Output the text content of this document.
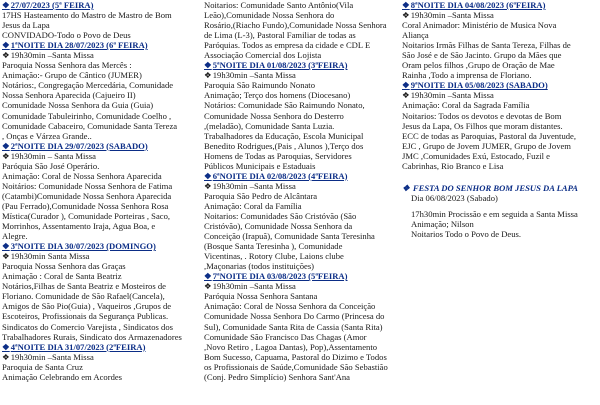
❖27/07/2023 (5ª FEIRA)
17HS Hasteamento do Mastro de Mastro de Bom
Jesus da Lapa
CONVIDADO-Todo o Povo de Deus
❖1ªNOITE DIA 28/07/2023 (6ª FEIRA)
❖19h30min –Santa Missa
Paroquia Nossa Senhora das Mercês :
Animação:- Grupo de Cântico (JUMER)
Notários:, Congregação Mercedária, Comunidade
Nossa Senhora Aparecida (Cajueiro II)
Comunidade Nossa Senhora da Guia (Guia)
Comunidade Tabuleirinho, Comunidade Coelho ,
Comunidade Cabaceiro, Comunidade Santa Tereza
, Onças e Várzea Grande..
❖2ªNOITE DIA 29/07/2023 (SABADO)
❖19h30min – Santa Missa
Paróquia São José Operário.
Animação: Coral de Nossa Senhora Aparecida
Noitários: Comunidade Nossa Senhora de Fatima
(Catambi)Comunidade Nossa Senhora Aparecida
(Pau Ferrado),Comunidade Nossa Senhora Rosa
Mística(Curador ), Comunidade Porteiras , Saco,
Morrinhos, Assentamento Iraja, Agua Boa, e
Alegre.
❖3ªNOITE DIA 30/07/2023 (DOMINGO)
❖19h30min Santa Missa
Paroquia Nossa Senhora das Graças
Animação : Coral de Santa Beatriz
Notários,Filhas de Santa Beatriz e Mosteiros de
Floriano. Comunidade de São Rafael(Cancela),
Amigos de São Pio(Guia) , Vaqueiros ,Grupos de
Escoteiros, Profissionais da Segurança Publicas.
Sindicatos do Comercio Varejista , Sindicatos dos
Trabalhadores Rurais, Sindicato dos Armazenadores
❖4ªNOITE DIA 31/07/2023 (2ªFEIRA)
❖19h30min –Santa Missa
Paroquia de Santa Cruz
Animação Celebrando em Acordes
Noitarios: Comunidade Santo Antônio(Vila
Leão),Comunidade Nossa Senhora do
Rosário,(Riacho Fundo),Comunidade Nossa Senhora
de Lima (L-3), Pastoral Familiar de todas as
Paróquias. Todos as empresa da cidade e CDL E
Associação Comercial dos Lojista
❖5ªNOITE DIA 01/08/2023 (3ªFEIRA)
❖19h30min –Santa Missa
Paroquia São Raimundo Nonato
Animação; Terço dos homens (Diocesano)
Notários: Comunidade São Raimundo Nonato,
Comunidade Nossa Senhora do Desterro
,(meladão), Comunidade Santa Luzia.
Trabalhadores da Educação, Escola Municipal
Benedito Rodrigues,(Pais , Alunos ),Terço dos
Homens de Todas as Paroquias, Servidores
Públicos Municipais e Estaduais
❖6ªNOITE DIA 02/08/2023 (4ªFEIRA)
❖19h30min –Santa Missa
Paroquia São Pedro de Alcântara
Animação: Coral da Família
Noitarios: Comunidades São Cristóvão (São
Cristóvão), Comunidade Nossa Senhora da
Conceição (Irapuã), Comunidade Santa Teresinha
(Bosque Santa Teresinha ), Comunidade
Vicentinas, . Rotory Clube, Laions clube
,Maçonarias (todos instituições)
❖7ªNOITE DIA 03/08/2023 (5ªFEIRA)
❖19h30min –Santa Missa
Paróquia Nossa Senhora Santana
Animação: Coral de Nossa Senhora da Conceição
Comunidade Nossa Senhora Do Carmo (Princesa do
Sul), Comunidade Santa Rita de Cassia (Santa Rita)
Comunidade São Francisco Das Chagas (Amor
,Novo Retiro , Lagoa Dantas), Pop),Assentamento
Bom Sucesso, Capuama, Pastoral do Dizimo e Todos
os Profissionais de Saúde,Comunidade São Sebastião
(Conj. Pedro Simplício) Senhora Sant'Ana
❖8ªNOITE DIA 04/08/2023 (6ªFEIRA)
❖19h30min –Santa Missa
Coral Animador: Ministério de Musica Nova
Aliança
Noitarios Irmãs Filhas de Santa Tereza, Filhas de
São José e de São Jacinto. Grupo da Mães que
Oram pelos filhos ,Grupo de Oração de Mae
Rainha ,Todo a imprensa de Floriano.
❖9ªNOITE DIA 05/08/2023 (SABADO)
❖19h30min –Santa Missa
Animação: Coral da Sagrada Família
Noitarios: Todos os devotos e devotas de Bom
Jesus da Lapa, Os Filhos que moram distantes.
ECC de todas as Paroquias, Pastoral da Juventude,
EJC , Grupo de Jovem JUMER, Grupo de Jovem
JMC ,Comunidades Exú, Estocado, Fuzil e
Cabrinhas, Rio Branco e Lisa
❖ FESTA DO SENHOR BOM JESUS DA LAPA
Dia 06/08/2023 (Sabado)
17h30min Procissão e em seguida a Santa Missa
Animação; Nilson
Noitarios Todo o Povo de Deus.
